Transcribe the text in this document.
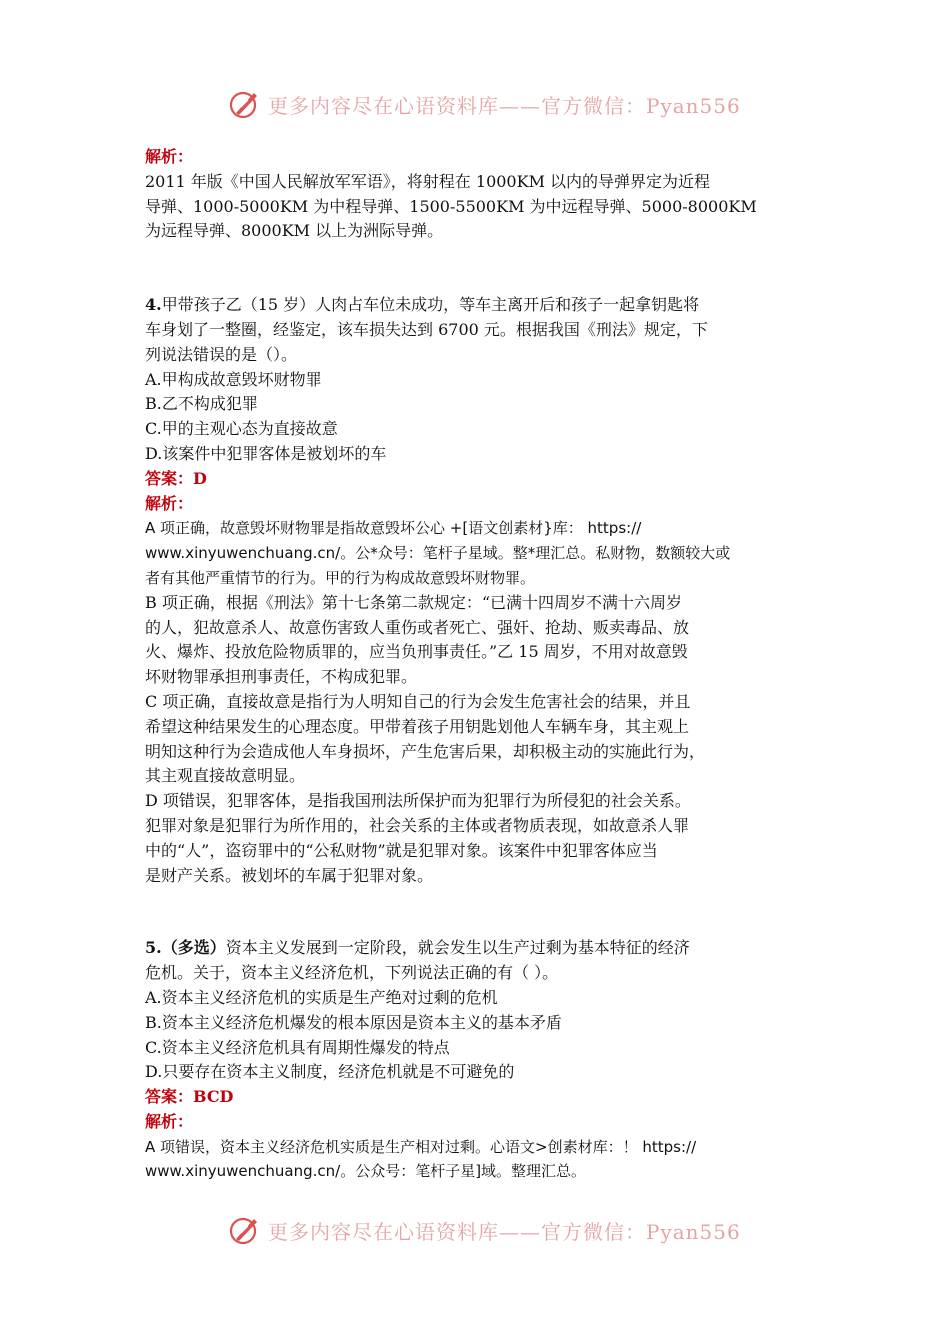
更多内容尽在心语资料库——官方微信：Pyan556

解析：

2011 年版《中国人民解放军军语》，将射程在 1000KM 以内的导弹界定为近程

导弹、1000-5000KM 为中程导弹、1500-5500KM 为中远程导弹、5000-8000KM

为远程导弹、8000KM 以上为洲际导弹。

4.甲带孩子乙（15 岁）人肉占车位未成功，等车主离开后和孩子一起拿钥匙将

车身划了一整圈，经鉴定，该车损失达到 6700 元。根据我国《刑法》规定，下

列说法错误的是（）。

A.甲构成故意毁坏财物罪

B.乙不构成犯罪

C.甲的主观心态为直接故意

D.该案件中犯罪客体是被划坏的车

答案：D

解析：

A 项正确，故意毁坏财物罪是指故意毁坏公心 +[语文创素材}库： https://

www.xinyuwenchuang.cn/。公*众号：笔杆子星域。整*理汇总。私财物，数额较大或

者有其他严重情节的行为。甲的行为构成故意毁坏财物罪。

B 项正确，根据《刑法》第十七条第二款规定：“已满十四周岁不满十六周岁

的人，犯故意杀人、故意伤害致人重伤或者死亡、强奸、抢劫、贩卖毒品、放

火、爆炸、投放危险物质罪的，应当负刑事责任。”乙 15 周岁，不用对故意毁

坏财物罪承担刑事责任，不构成犯罪。

C 项正确，直接故意是指行为人明知自己的行为会发生危害社会的结果，并且

希望这种结果发生的心理态度。甲带着孩子用钥匙划他人车辆车身，其主观上

明知这种行为会造成他人车身损坏，产生危害后果，却积极主动的实施此行为，

其主观直接故意明显。

D 项错误，犯罪客体，是指我国刑法所保护而为犯罪行为所侵犯的社会关系。

犯罪对象是犯罪行为所作用的，社会关系的主体或者物质表现，如故意杀人罪

中的“人”，盗窃罪中的“公私财物”就是犯罪对象。该案件中犯罪客体应当

是财产关系。被划坏的车属于犯罪对象。

5.（多选）资本主义发展到一定阶段，就会发生以生产过剩为基本特征的经济

危机。关于，资本主义经济危机，下列说法正确的有（ ）。

A.资本主义经济危机的实质是生产绝对过剩的危机

B.资本主义经济危机爆发的根本原因是资本主义的基本矛盾

C.资本主义经济危机具有周期性爆发的特点

D.只要存在资本主义制度，经济危机就是不可避免的

答案：BCD

解析：

A 项错误，资本主义经济危机实质是生产相对过剩。心语文>创素材库：！ https://

www.xinyuwenchuang.cn/。公众号：笔杆子星]域。整理汇总。

更多内容尽在心语资料库——官方微信：Pyan556
